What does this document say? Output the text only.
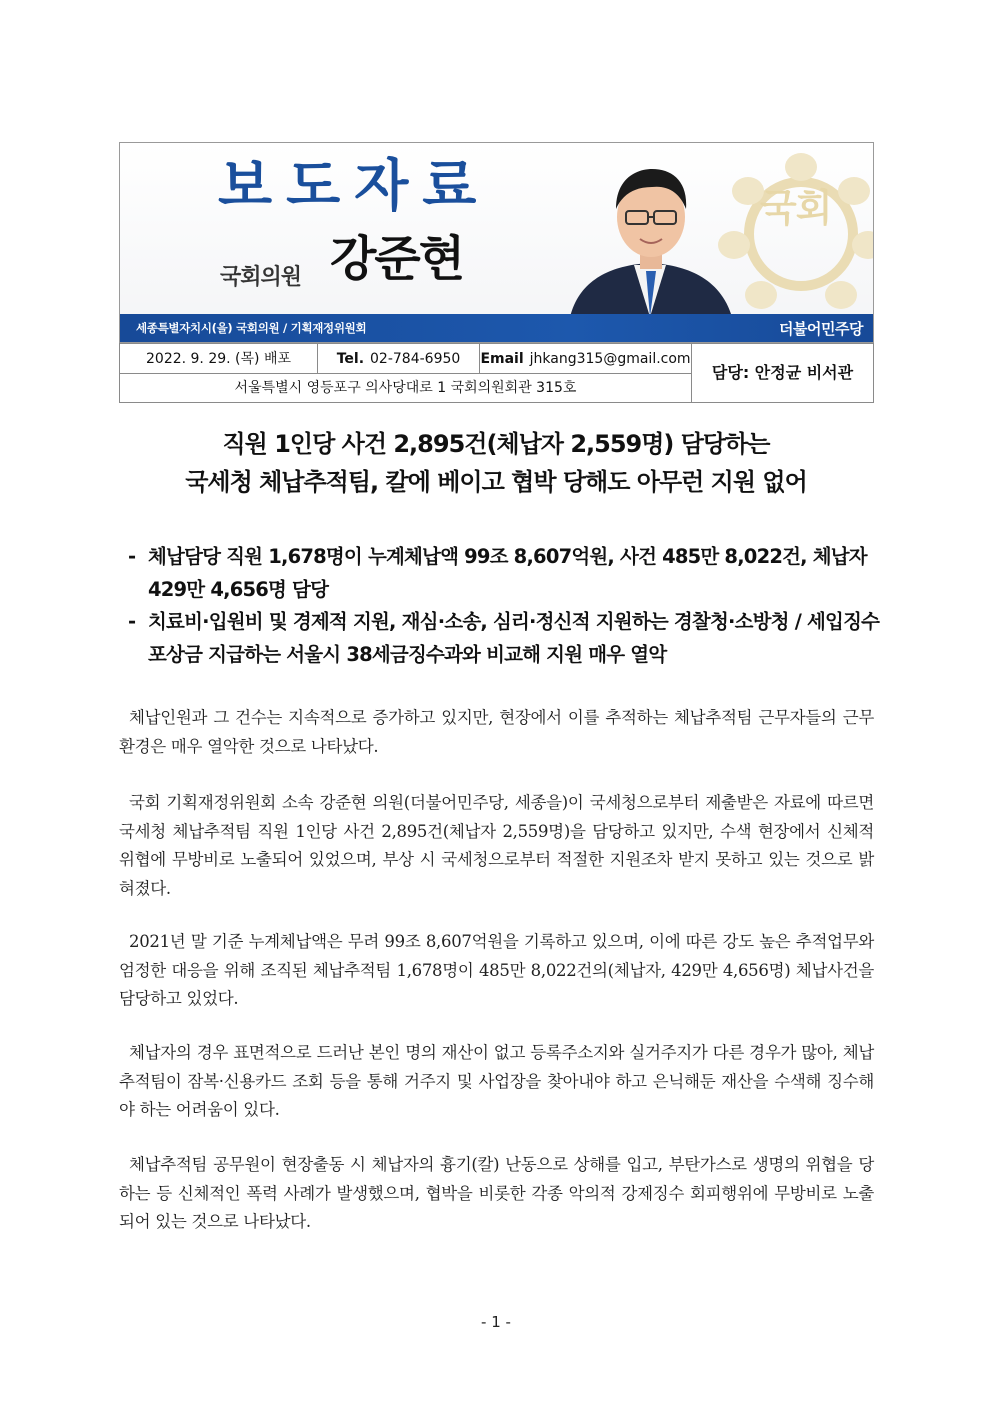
국회
보도자료
국회의원 강준현
세종특별자치시(을) 국회의원 / 기획재정위원회	더불어민주당
2022. 9. 29. (목) 배포	Tel. 02-784-6950	Email jhkang315@gmail.com
서울특별시 영등포구 의사당대로 1 국회의원회관 315호
담당: 안정균 비서관
직원 1인당 사건 2,895건(체납자 2,559명) 담당하는
국세청 체납추적팀, 칼에 베이고 협박 당해도 아무런 지원 없어
- 체납담당 직원 1,678명이 누계체납액 99조 8,607억원, 사건 485만 8,022건, 체납자 429만 4,656명 담당
- 치료비·입원비 및 경제적 지원, 재심·소송, 심리·정신적 지원하는 경찰청·소방청 / 세입징수 포상금 지급하는 서울시 38세금징수과와 비교해 지원 매우 열악

체납인원과 그 건수는 지속적으로 증가하고 있지만, 현장에서 이를 추적하는 체납추적팀 근무자들의 근무 환경은 매우 열악한 것으로 나타났다.

국회 기획재정위원회 소속 강준현 의원(더불어민주당, 세종을)이 국세청으로부터 제출받은 자료에 따르면 국세청 체납추적팀 직원 1인당 사건 2,895건(체납자 2,559명)을 담당하고 있지만, 수색 현장에서 신체적 위협에 무방비로 노출되어 있었으며, 부상 시 국세청으로부터 적절한 지원조차 받지 못하고 있는 것으로 밝혀졌다.

2021년 말 기준 누계체납액은 무려 99조 8,607억원을 기록하고 있으며, 이에 따른 강도 높은 추적업무와 엄정한 대응을 위해 조직된 체납추적팀 1,678명이 485만 8,022건의(체납자, 429만 4,656명) 체납사건을 담당하고 있었다.

체납자의 경우 표면적으로 드러난 본인 명의 재산이 없고 등록주소지와 실거주지가 다른 경우가 많아, 체납추적팀이 잠복·신용카드 조회 등을 통해 거주지 및 사업장을 찾아내야 하고 은닉해둔 재산을 수색해 징수해야 하는 어려움이 있다.

체납추적팀 공무원이 현장출동 시 체납자의 흉기(칼) 난동으로 상해를 입고, 부탄가스로 생명의 위협을 당하는 등 신체적인 폭력 사례가 발생했으며, 협박을 비롯한 각종 악의적 강제징수 회피행위에 무방비로 노출되어 있는 것으로 나타났다.

- 1 -
